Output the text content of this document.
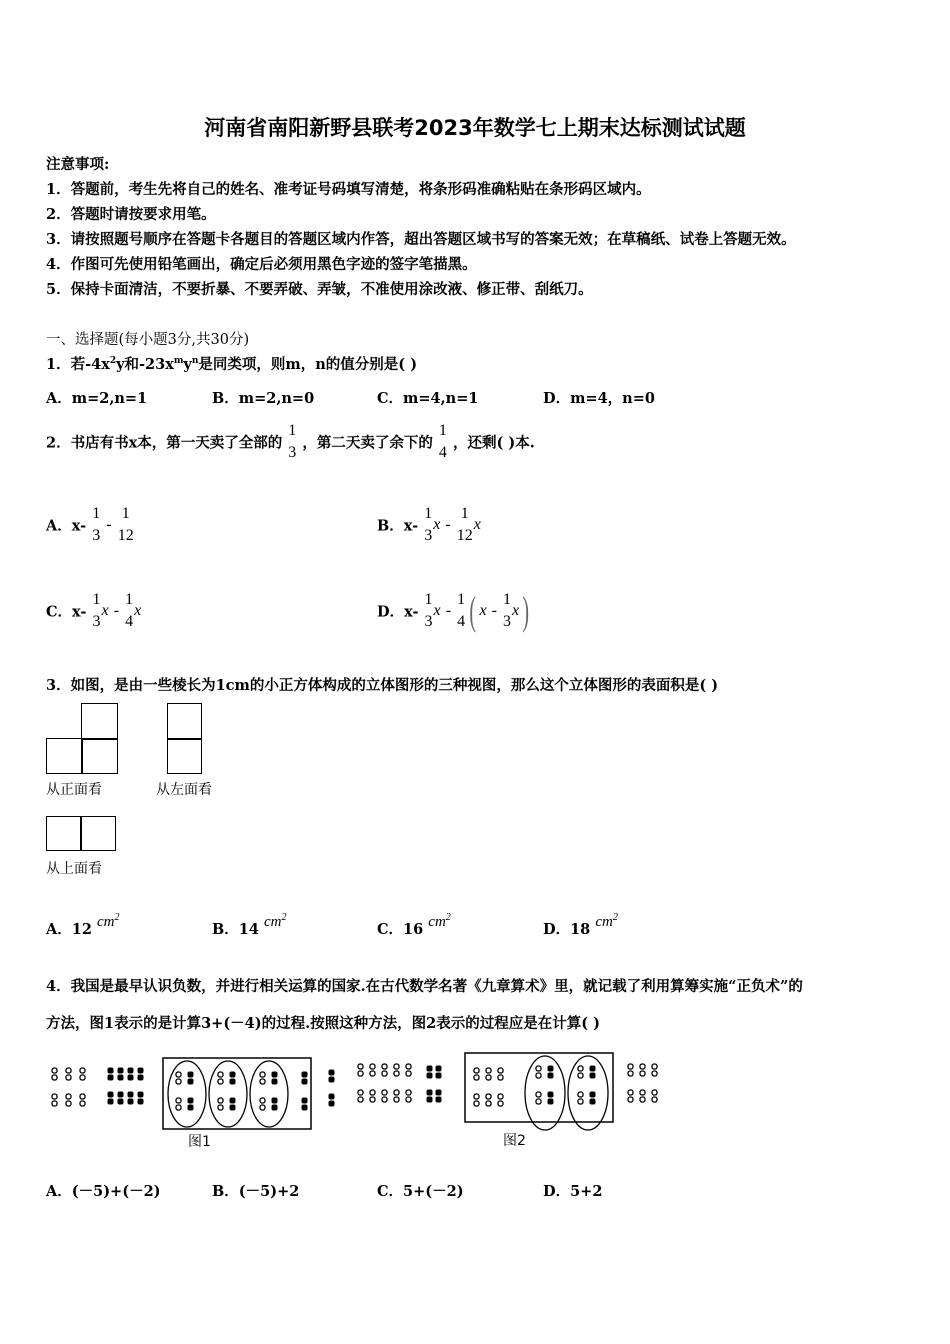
河南省南阳新野县联考2023年数学七上期末达标测试试题
注意事项:
1．答题前，考生先将自己的姓名、准考证号码填写清楚，将条形码准确粘贴在条形码区域内。
2．答题时请按要求用笔。
3．请按照题号顺序在答题卡各题目的答题区域内作答，超出答题区域书写的答案无效；在草稿纸、试卷上答题无效。
4．作图可先使用铅笔画出，确定后必须用黑色字迹的签字笔描黑。
5．保持卡面清洁，不要折暴、不要弄破、弄皱，不准使用涂改液、修正带、刮纸刀。
一、选择题(每小题3分,共30分)
1．若$-4x^2y$和$-23x^my^n$是同类项，则m，n的值分别是( )
A．m=2,n=1	B．m=2,n=0	C．m=4,n=1	D．m=4，n=0
2．书店有书x本，第一天卖了全部的
1
3
，第二天卖了余下的
1
4
，还剩( )本.
A．x-
1
3
-
1
12
B．x-
1
3
x -
1
12
x
C．x-
1
3
x -
1
4
x	D．x-
1
3
x -
1
4 ( x -
1
3
x)
3．如图，是由一些棱长为1cm的小正方体构成的立体图形的三种视图，那么这个立体图形的表面积是( )
从正面看	从左面看
从上面看
A．12 $cm^2$
B．14 $cm^2$
C．16 $cm^2$
D．18 $cm^2$
4．我国是最早认识负数，并进行相关运算的国家.在古代数学名著《九章算术》里，就记载了利用算筹实施“正负术”的
方法，图1表示的是计算3+(－4)的过程.按照这种方法，图2表示的过程应是在计算( )
图1	图2
A．(－5)+(－2)	B．(－5)+2	C．5+(－2)	D．5+2
